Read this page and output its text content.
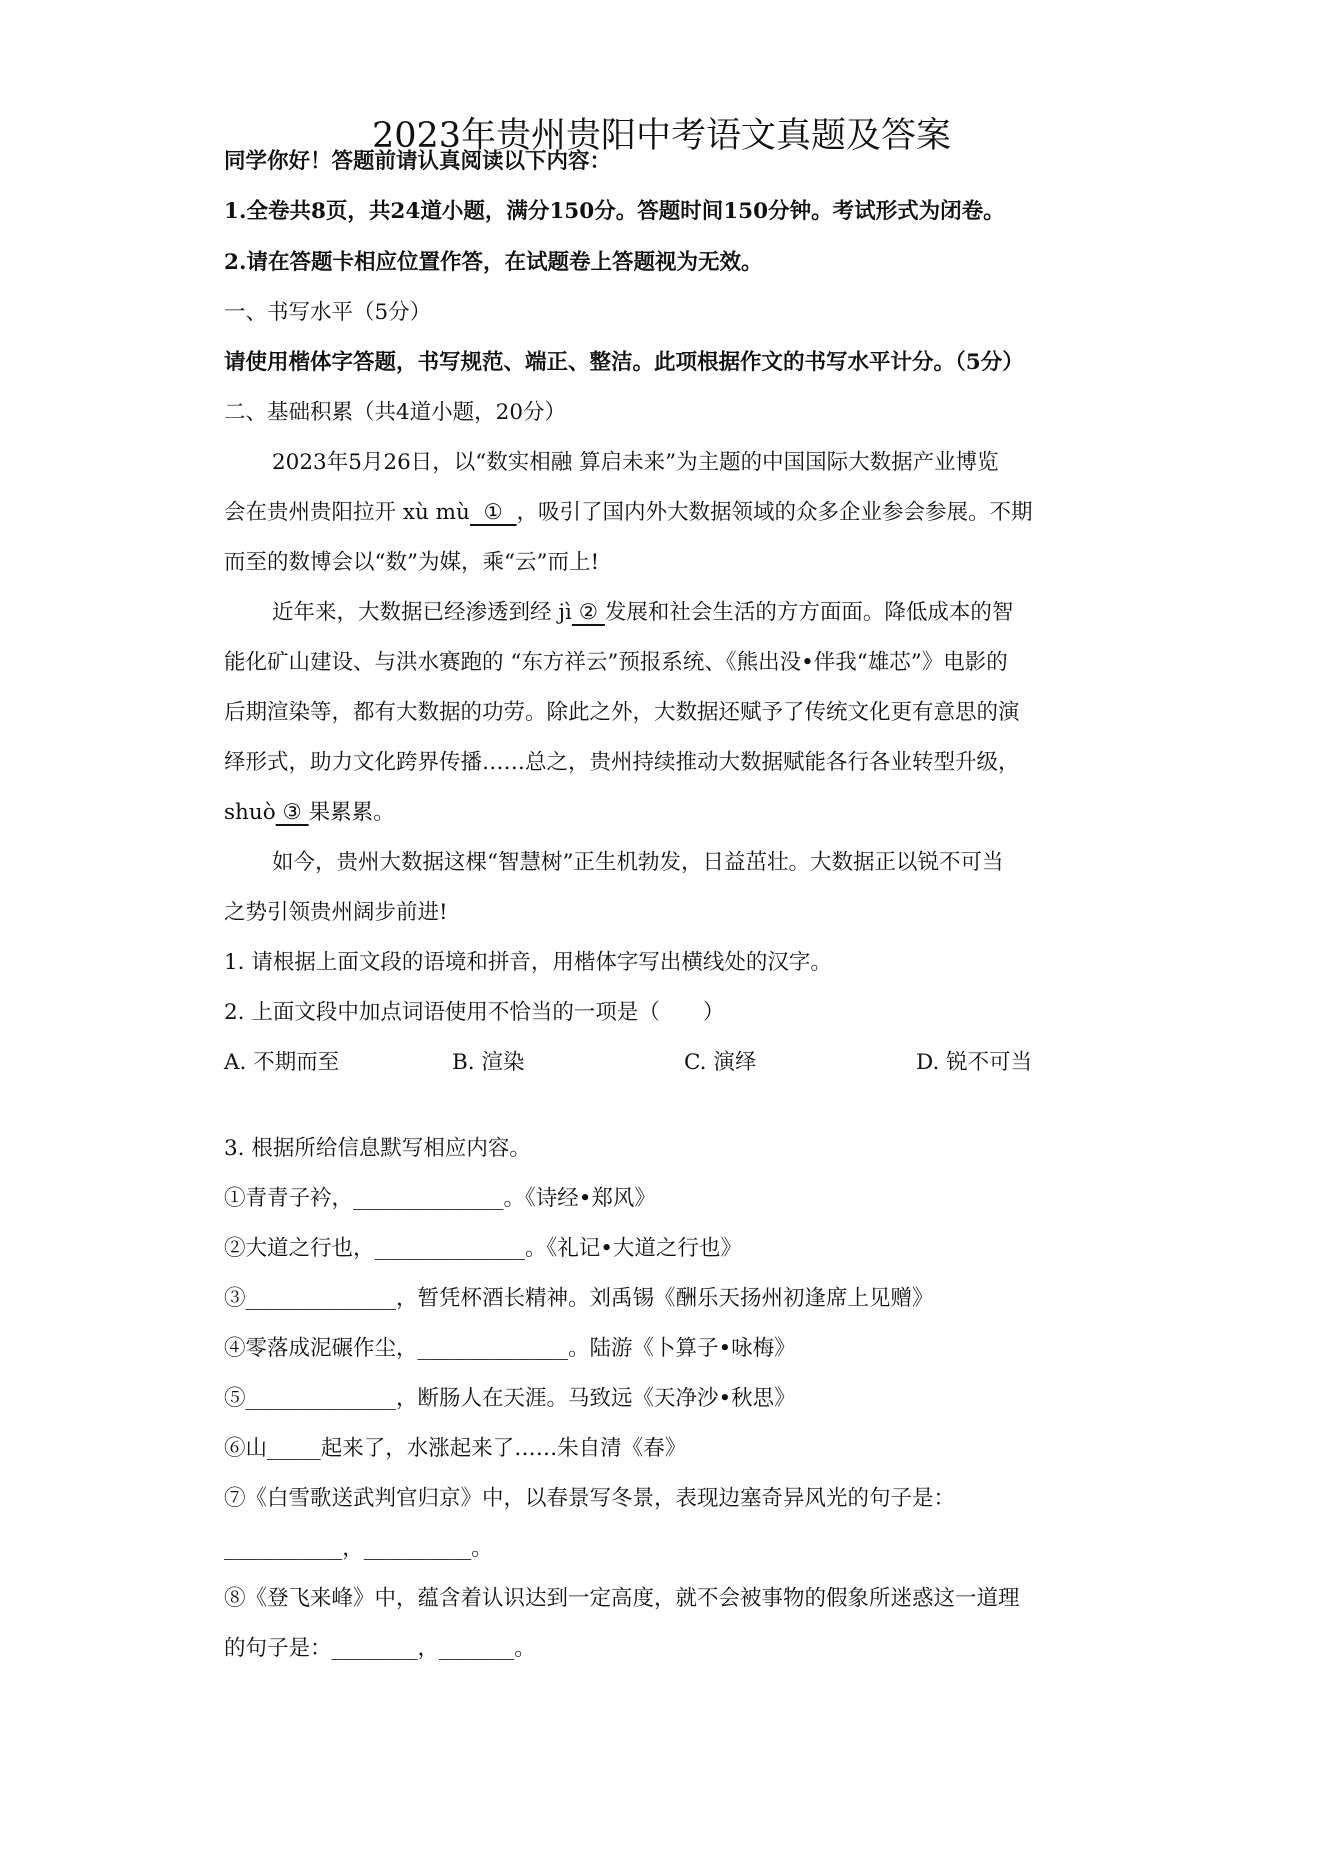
2023年贵州贵阳中考语文真题及答案

同学你好！答题前请认真阅读以下内容：

1.全卷共8页，共24道小题，满分150分。答题时间150分钟。考试形式为闭卷。

2.请在答题卡相应位置作答，在试题卷上答题视为无效。

一、书写水平（5分）

请使用楷体字答题，书写规范、端正、整洁。此项根据作文的书写水平计分。（5分）

二、基础积累（共4道小题，20分）

2023年5月26日，以“数实相融 算启未来”为主题的中国国际大数据产业博览

会在贵州贵阳拉开 xù mù  ①  ，吸引了国内外大数据领域的众多企业参会参展。不期

而至的数博会以“数”为媒，乘“云”而上!

近年来，大数据已经渗透到经 jì ② 发展和社会生活的方方面面。降低成本的智

能化矿山建设、与洪水赛跑的 “东方祥云”预报系统、《熊出没•伴我“雄芯”》电影的

后期渲染等，都有大数据的功劳。除此之外，大数据还赋予了传统文化更有意思的演

绎形式，助力文化跨界传播……总之，贵州持续推动大数据赋能各行各业转型升级，

shuò ③ 果累累。

如今，贵州大数据这棵“智慧树”正生机勃发，日益茁壮。大数据正以锐不可当

之势引领贵州阔步前进!

1. 请根据上面文段的语境和拼音，用楷体字写出横线处的汉字。

2. 上面文段中加点词语使用不恰当的一项是（　　）

A. 不期而至	B. 渲染	C. 演绎	D. 锐不可当

3. 根据所给信息默写相应内容。

①青青子衿，______________。《诗经•郑风》

②大道之行也，______________。《礼记•大道之行也》

③______________，暂凭杯酒长精神。刘禹锡《酬乐天扬州初逢席上见赠》

④零落成泥碾作尘，______________。陆游《卜算子•咏梅》

⑤______________，断肠人在天涯。马致远《天净沙•秋思》

⑥山_____起来了，水涨起来了……朱自清《春》

⑦《白雪歌送武判官归京》中，以春景写冬景，表现边塞奇异风光的句子是：

___________，__________。

⑧《登飞来峰》中，蕴含着认识达到一定高度，就不会被事物的假象所迷惑这一道理

的句子是：________，_______。
